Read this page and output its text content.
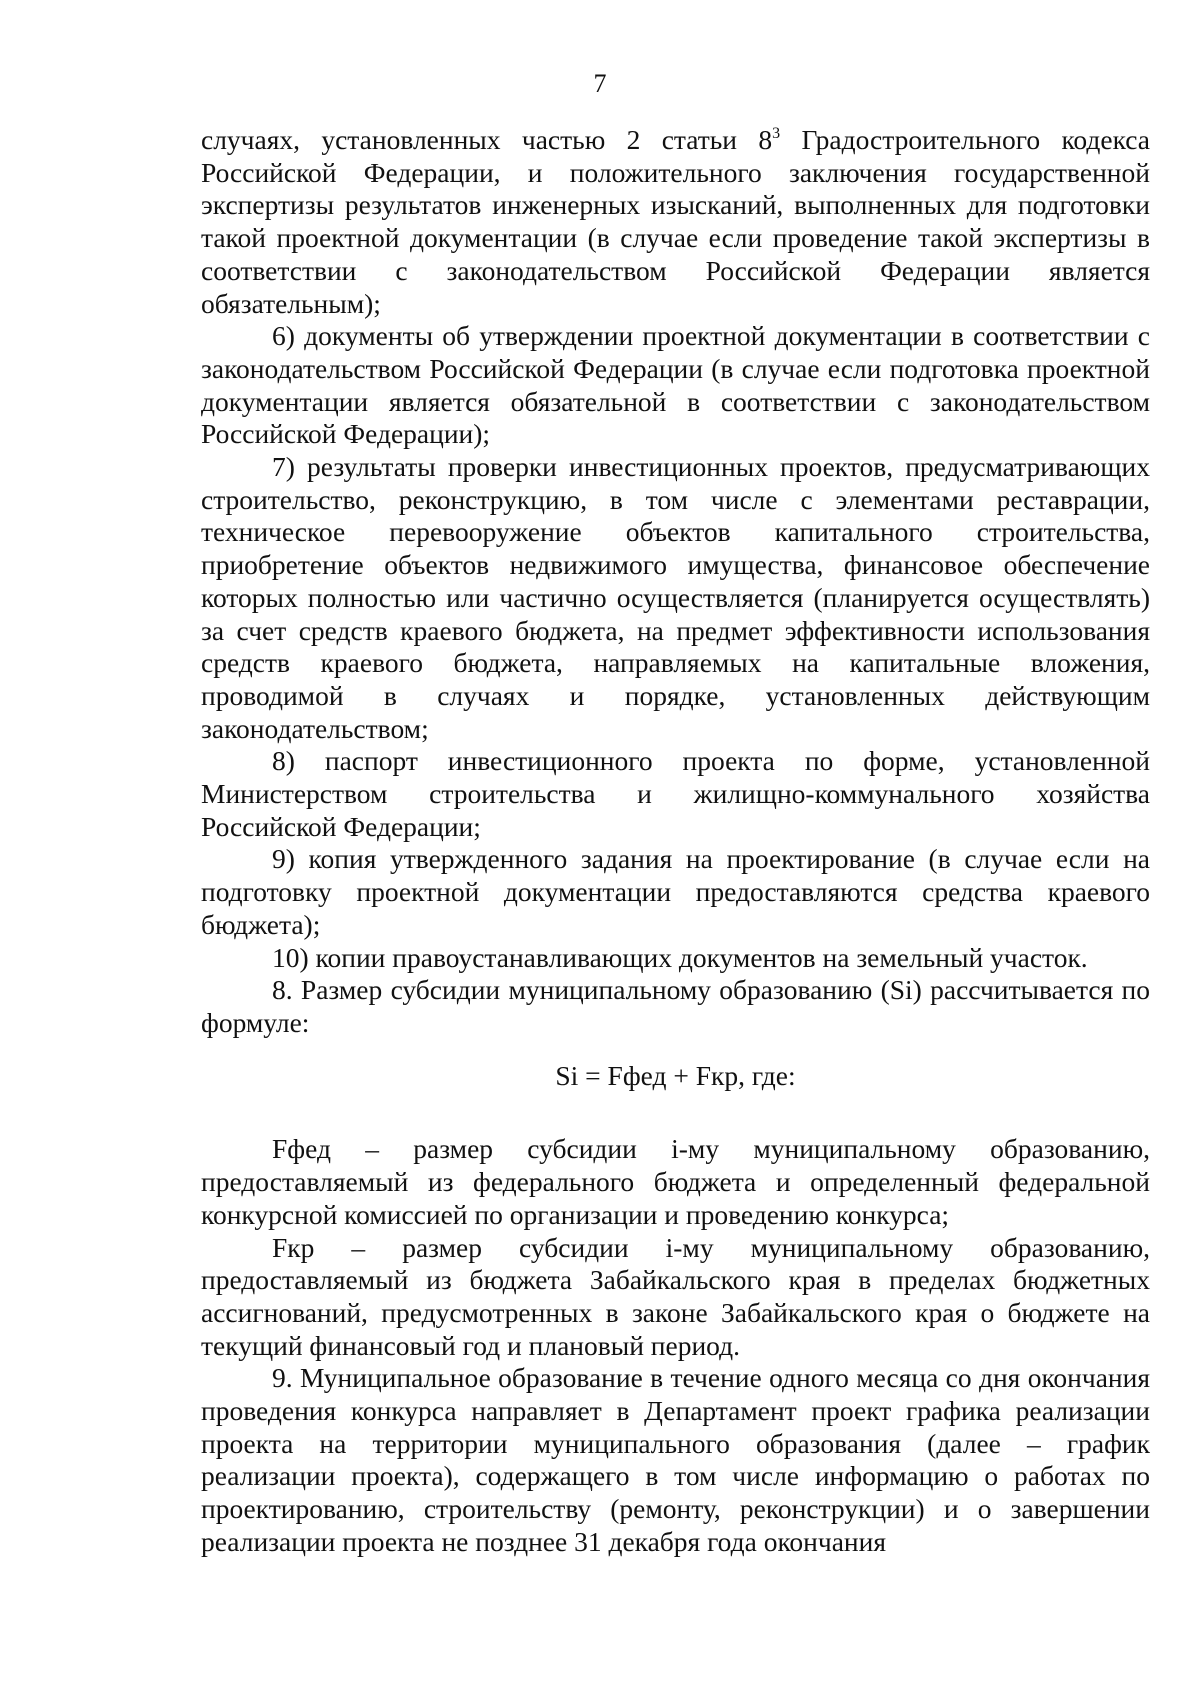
7

случаях, установленных частью 2 статьи $8^3$ Градостроительного кодекса Российской Федерации, и положительного заключения государственной экспертизы результатов инженерных изысканий, выполненных для подготовки такой проектной документации (в случае если проведение такой экспертизы в соответствии с законодательством Российской Федерации является обязательным);

6) документы об утверждении проектной документации в соответствии с законодательством Российской Федерации (в случае если подготовка проектной документации является обязательной в соответствии с законодательством Российской Федерации);

7) результаты проверки инвестиционных проектов, предусматривающих строительство, реконструкцию, в том числе с элементами реставрации, техническое перевооружение объектов капитального строительства, приобретение объектов недвижимого имущества, финансовое обеспечение которых полностью или частично осуществляется (планируется осуществлять) за счет средств краевого бюджета, на предмет эффективности использования средств краевого бюджета, направляемых на капитальные вложения, проводимой в случаях и порядке, установленных действующим законодательством;

8) паспорт инвестиционного проекта по форме, установленной Министерством строительства и жилищно-коммунального хозяйства Российской Федерации;

9) копия утвержденного задания на проектирование (в случае если на подготовку проектной документации предоставляются средства краевого бюджета);

10) копии правоустанавливающих документов на земельный участок.

8. Размер субсидии муниципальному образованию (Si) рассчитывается по формуле:

Si = Fфед + Fкр, где:

Fфед – размер субсидии i-му муниципальному образованию, предоставляемый из федерального бюджета и определенный федеральной конкурсной комиссией по организации и проведению конкурса;

Fкр – размер субсидии i-му муниципальному образованию, предоставляемый из бюджета Забайкальского края в пределах бюджетных ассигнований, предусмотренных в законе Забайкальского края о бюджете на текущий финансовый год и плановый период.

9. Муниципальное образование в течение одного месяца со дня окончания проведения конкурса направляет в Департамент проект графика реализации проекта на территории муниципального образования (далее – график реализации проекта), содержащего в том числе информацию о работах по проектированию, строительству (ремонту, реконструкции) и о завершении реализации проекта не позднее 31 декабря года окончания
